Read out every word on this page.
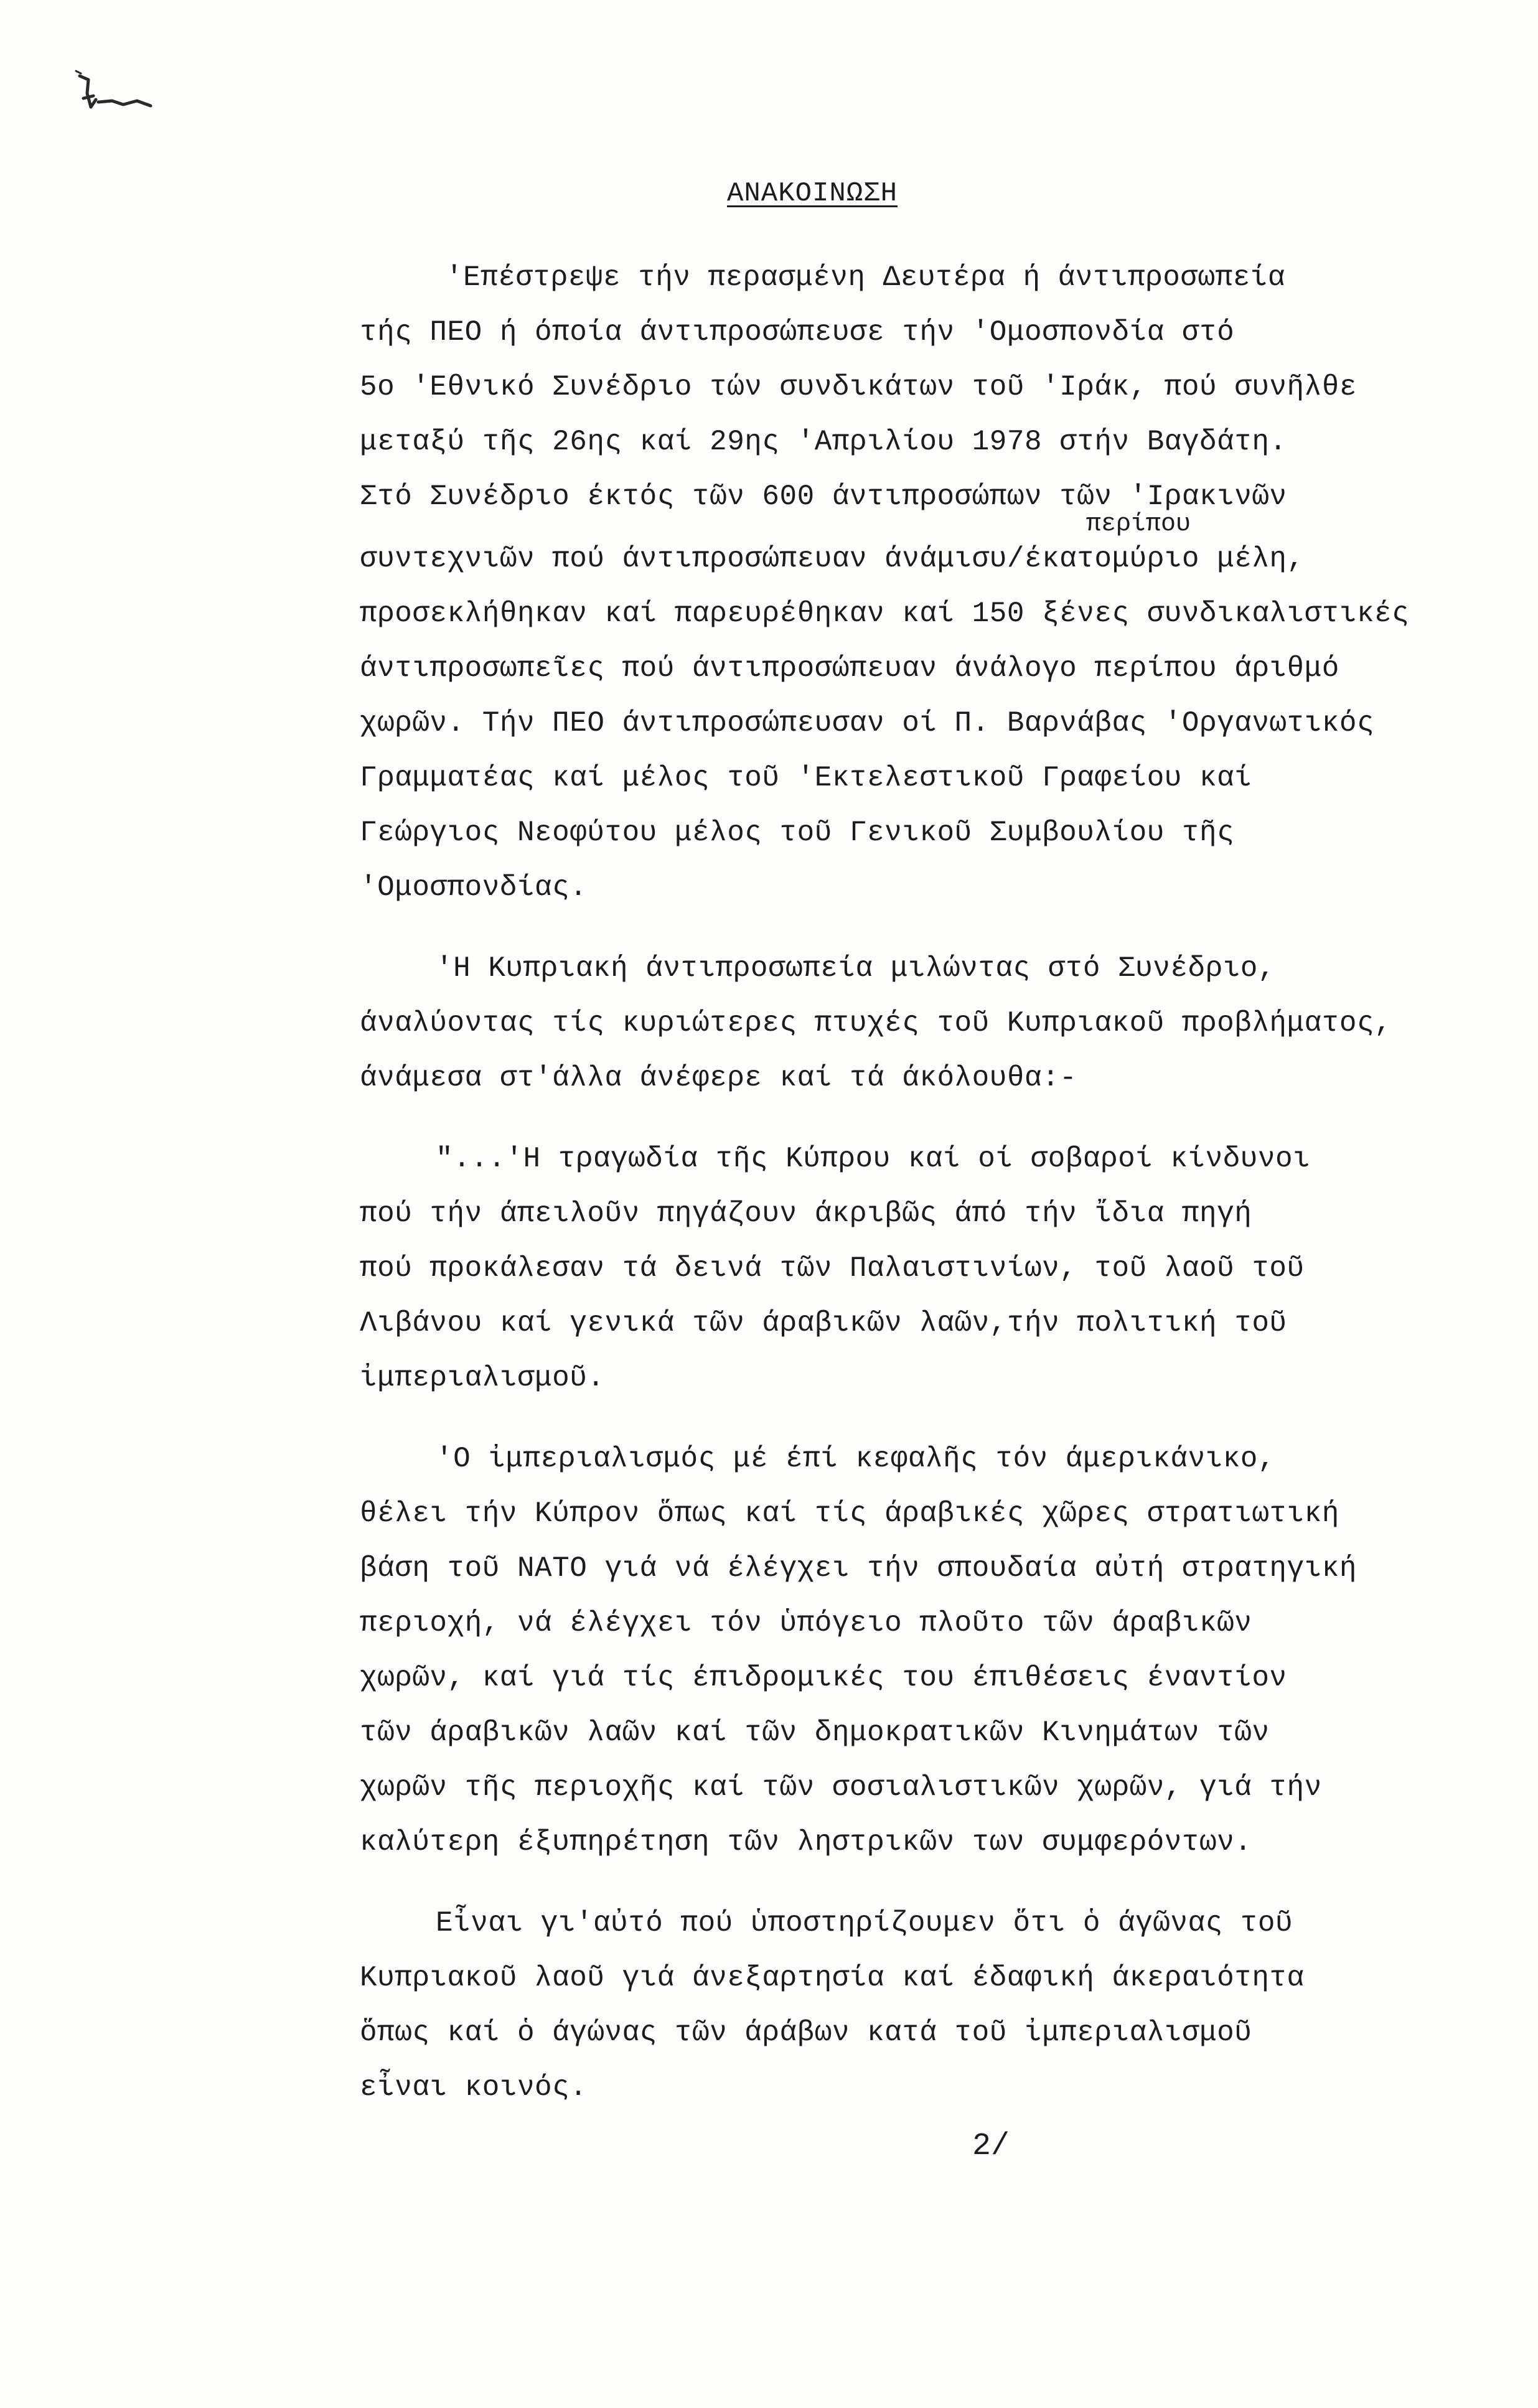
ΑΝΑΚΟΙΝΩΣΗ
περίπου
'Επέστρεψε τήν περασμένη Δευτέρα ή άντιπροσωπεία
τής ΠΕΟ ή όποία άντιπροσώπευσε τήν 'Ομοσπονδία στό
5ο 'Εθνικό Συνέδριο τών συνδικάτων τοῦ 'Ιράκ, πού συνῆλθε
μεταξύ τῆς 26ης καί 29ης 'Απριλίου 1978 στήν Βαγδάτη.
Στό Συνέδριο έκτός τῶν 600 άντιπροσώπων τῶν 'Ιρακινῶν
συντεχνιῶν πού άντιπροσώπευαν άνάμισυ/έκατομύριο μέλη,
προσεκλήθηκαν καί παρευρέθηκαν καί 150 ξένες συνδικαλιστικές
άντιπροσωπεῖες πού άντιπροσώπευαν άνάλογο περίπου άριθμό
χωρῶν. Τήν ΠΕΟ άντιπροσώπευσαν οί Π. Βαρνάβας 'Οργανωτικός
Γραμματέας καί μέλος τοῦ 'Εκτελεστικοῦ Γραφείου καί
Γεώργιος Νεοφύτου μέλος τοῦ Γενικοῦ Συμβουλίου τῆς
'Ομοσπονδίας.
'Η Κυπριακή άντιπροσωπεία μιλώντας στό Συνέδριο,
άναλύοντας τίς κυριώτερες πτυχές τοῦ Κυπριακοῦ προβλήματος,
άνάμεσα στ'άλλα άνέφερε καί τά άκόλουθα:-
"...'Η τραγωδία τῆς Κύπρου καί οί σοβαροί κίνδυνοι
πού τήν άπειλοῦν πηγάζουν άκριβῶς άπό τήν ἴδια πηγή
πού προκάλεσαν τά δεινά τῶν Παλαιστινίων, τοῦ λαοῦ τοῦ
Λιβάνου καί γενικά τῶν άραβικῶν λαῶν,τήν πολιτική τοῦ
ἰμπεριαλισμοῦ.
'Ο ἰμπεριαλισμός μέ έπί κεφαλῆς τόν άμερικάνικο,
θέλει τήν Κύπρον ὅπως καί τίς άραβικές χῶρες στρατιωτική
βάση τοῦ ΝΑΤΟ γιά νά έλέγχει τήν σπουδαία αὐτή στρατηγική
περιοχή, νά έλέγχει τόν ὑπόγειο πλοῦτο τῶν άραβικῶν
χωρῶν, καί γιά τίς έπιδρομικές του έπιθέσεις έναντίον
τῶν άραβικῶν λαῶν καί τῶν δημοκρατικῶν Κινημάτων τῶν
χωρῶν τῆς περιοχῆς καί τῶν σοσιαλιστικῶν χωρῶν, γιά τήν
καλύτερη έξυπηρέτηση τῶν ληστρικῶν των συμφερόντων.
Εἶναι γι'αὐτό πού ὑποστηρίζουμεν ὅτι ὁ άγῶνας τοῦ
Κυπριακοῦ λαοῦ γιά άνεξαρτησία καί έδαφική άκεραιότητα
ὅπως καί ὁ άγώνας τῶν άράβων κατά τοῦ ἰμπεριαλισμοῦ
εἶναι κοινός.
2/
